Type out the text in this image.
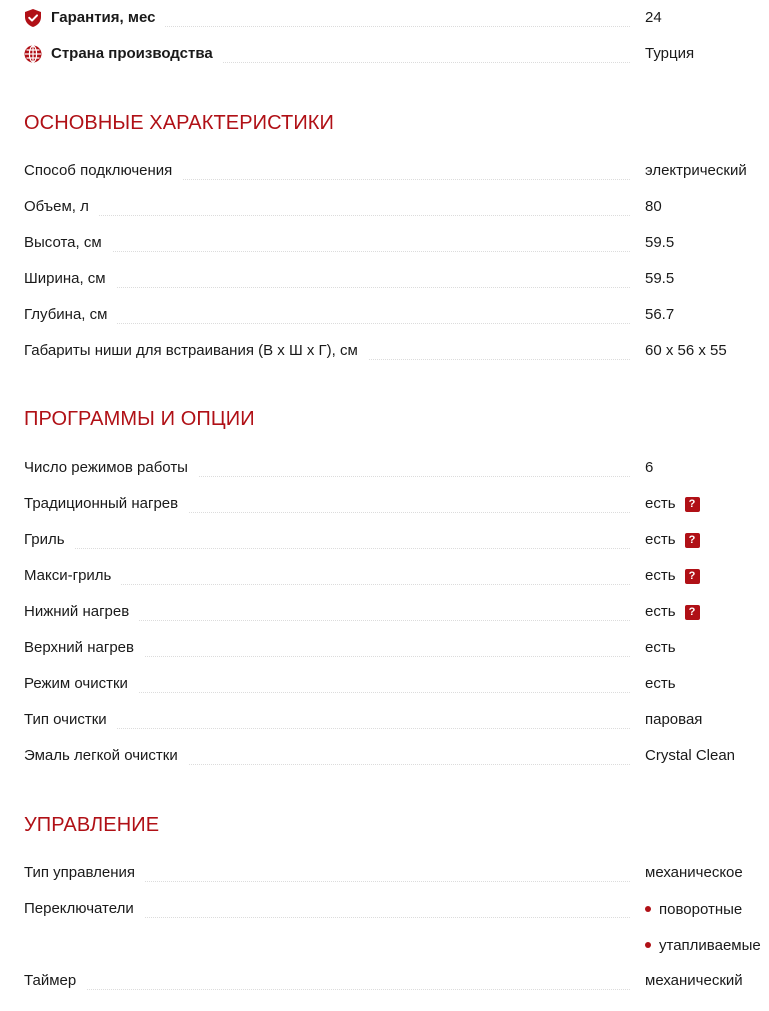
Гарантия, мес	24
Страна производства	Турция
ОСНОВНЫЕ ХАРАКТЕРИСТИКИ
Способ подключения	электрический
Объем, л	80
Высота, см	59.5
Ширина, см	59.5
Глубина, см	56.7
Габариты ниши для встраивания (В х Ш х Г), см	60 x 56 x 55
ПРОГРАММЫ И ОПЦИИ
Число режимов работы	6
Традиционный нагрев	есть	?
Гриль	есть	?
Макси-гриль	есть	?
Нижний нагрев	есть	?
Верхний нагрев	есть
Режим очистки	есть
Тип очистки	паровая
Эмаль легкой очистки	Crystal Clean
УПРАВЛЕНИЕ
Тип управления	механическое
Переключатели	поворотные
утапливаемые
Таймер	механический
